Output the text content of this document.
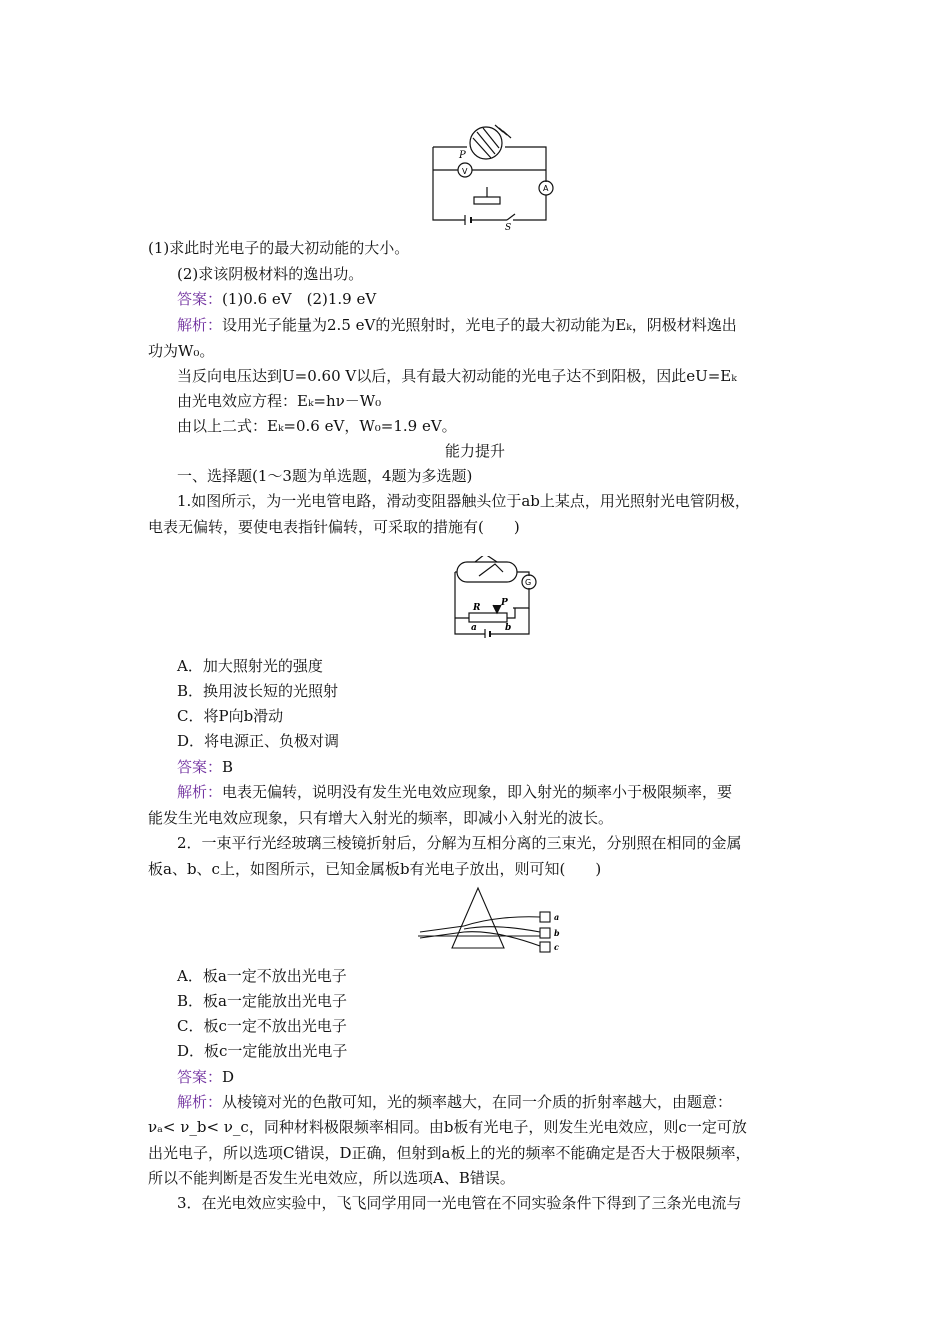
P
V
A
S
(1)求此时光电子的最大初动能的大小。
(2)求该阴极材料的逸出功。
答案：(1)0.6 eV　(2)1.9 eV
解析：设用光子能量为2.5 eV的光照射时，光电子的最大初动能为Eₖ，阴极材料逸出
功为W₀。
当反向电压达到U=0.60 V以后，具有最大初动能的光电子达不到阳极，因此eU=Eₖ
由光电效应方程：Eₖ=hν－W₀
由以上二式：Eₖ=0.6 eV，W₀=1.9 eV。
能力提升
一、选择题(1～3题为单选题，4题为多选题)
1.如图所示，为一光电管电路，滑动变阻器触头位于ab上某点，用光照射光电管阴极，
电表无偏转，要使电表指针偏转，可采取的措施有(　　)
G
R P
a	b
A．加大照射光的强度
B．换用波长短的光照射
C．将P向b滑动
D．将电源正、负极对调
答案：B
解析：电表无偏转，说明没有发生光电效应现象，即入射光的频率小于极限频率，要
能发生光电效应现象，只有增大入射光的频率，即减小入射光的波长。
2．一束平行光经玻璃三棱镜折射后，分解为互相分离的三束光，分别照在相同的金属
板a、b、c上，如图所示，已知金属板b有光电子放出，则可知(　　)
a
b
c
A．板a一定不放出光电子
B．板a一定能放出光电子
C．板c一定不放出光电子
D．板c一定能放出光电子
答案：D
解析：从棱镜对光的色散可知，光的频率越大，在同一介质的折射率越大，由题意：
νₐ< ν_b< ν_c，同种材料极限频率相同。由b板有光电子，则发生光电效应，则c一定可放
出光电子，所以选项C错误，D正确，但射到a板上的光的频率不能确定是否大于极限频率，
所以不能判断是否发生光电效应，所以选项A、B错误。
3．在光电效应实验中，飞飞同学用同一光电管在不同实验条件下得到了三条光电流与
